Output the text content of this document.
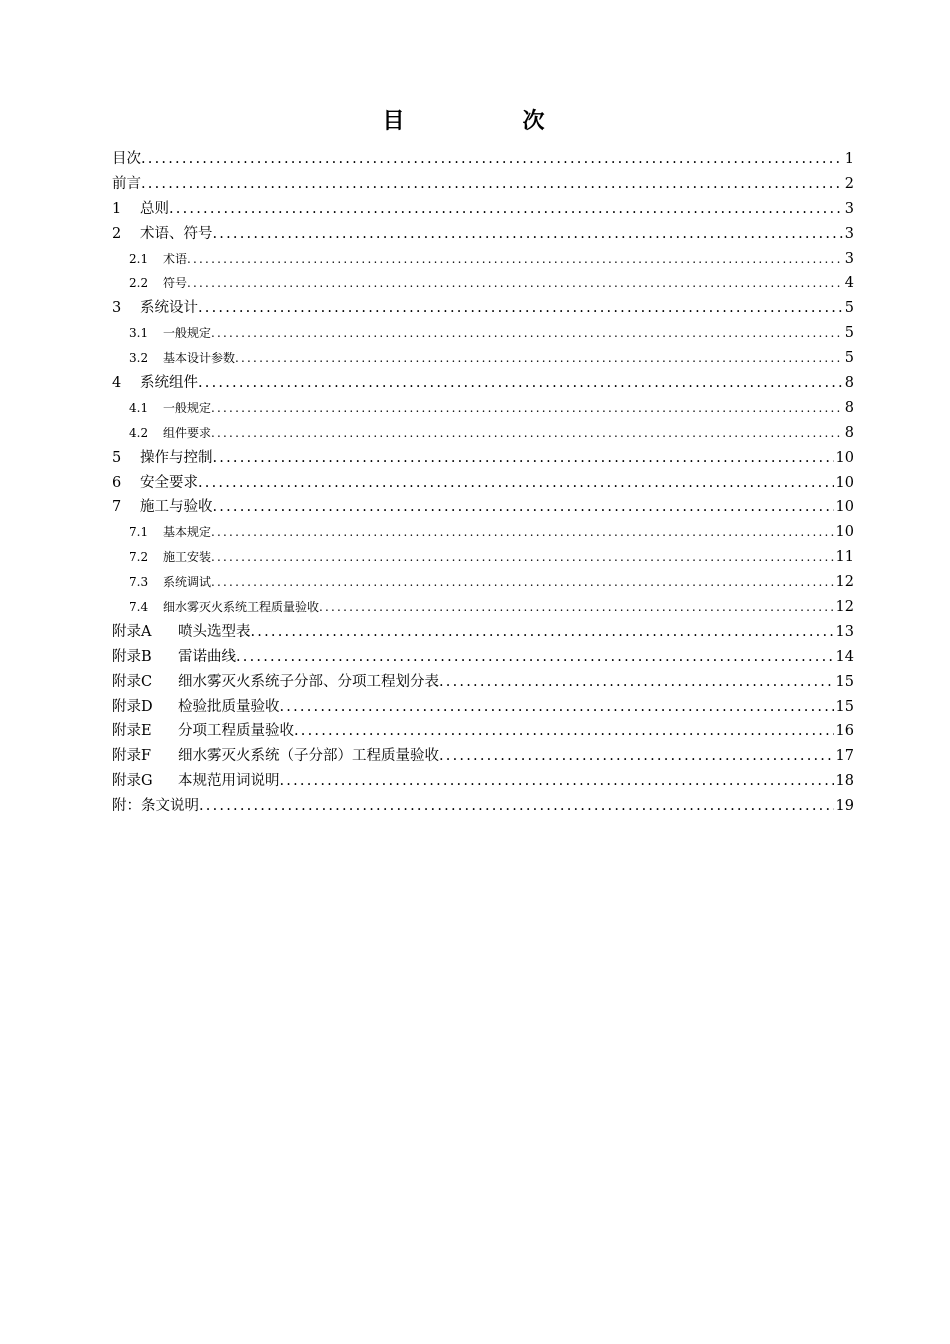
目　次
目次 .....	1
前言 .....	2
1	总则 .....	3
2	术语、符号 .....	3
2.1	术语 .....	3
2.2	符号 .....	4
3	系统设计 .....	5
3.1	一般规定 .....	5
3.2	基本设计参数 .....	5
4	系统组件 .....	8
4.1	一般规定 .....	8
4.2	组件要求 .....	8
5	操作与控制 .....	10
6	安全要求 .....	10
7	施工与验收 .....	10
7.1	基本规定 .....	10
7.2	施工安装 .....	11
7.3	系统调试 .....	12
7.4	细水雾灭火系统工程质量验收 .....	12
附录A	喷头选型表 .....	13
附录B	雷诺曲线 .....	14
附录C	细水雾灭火系统子分部、分项工程划分表 .....	15
附录D	检验批质量验收 .....	15
附录E	分项工程质量验收 .....	16
附录F	细水雾灭火系统（子分部）工程质量验收 .....	17
附录G	本规范用词说明 .....	18
附：条文说明 .....	19
